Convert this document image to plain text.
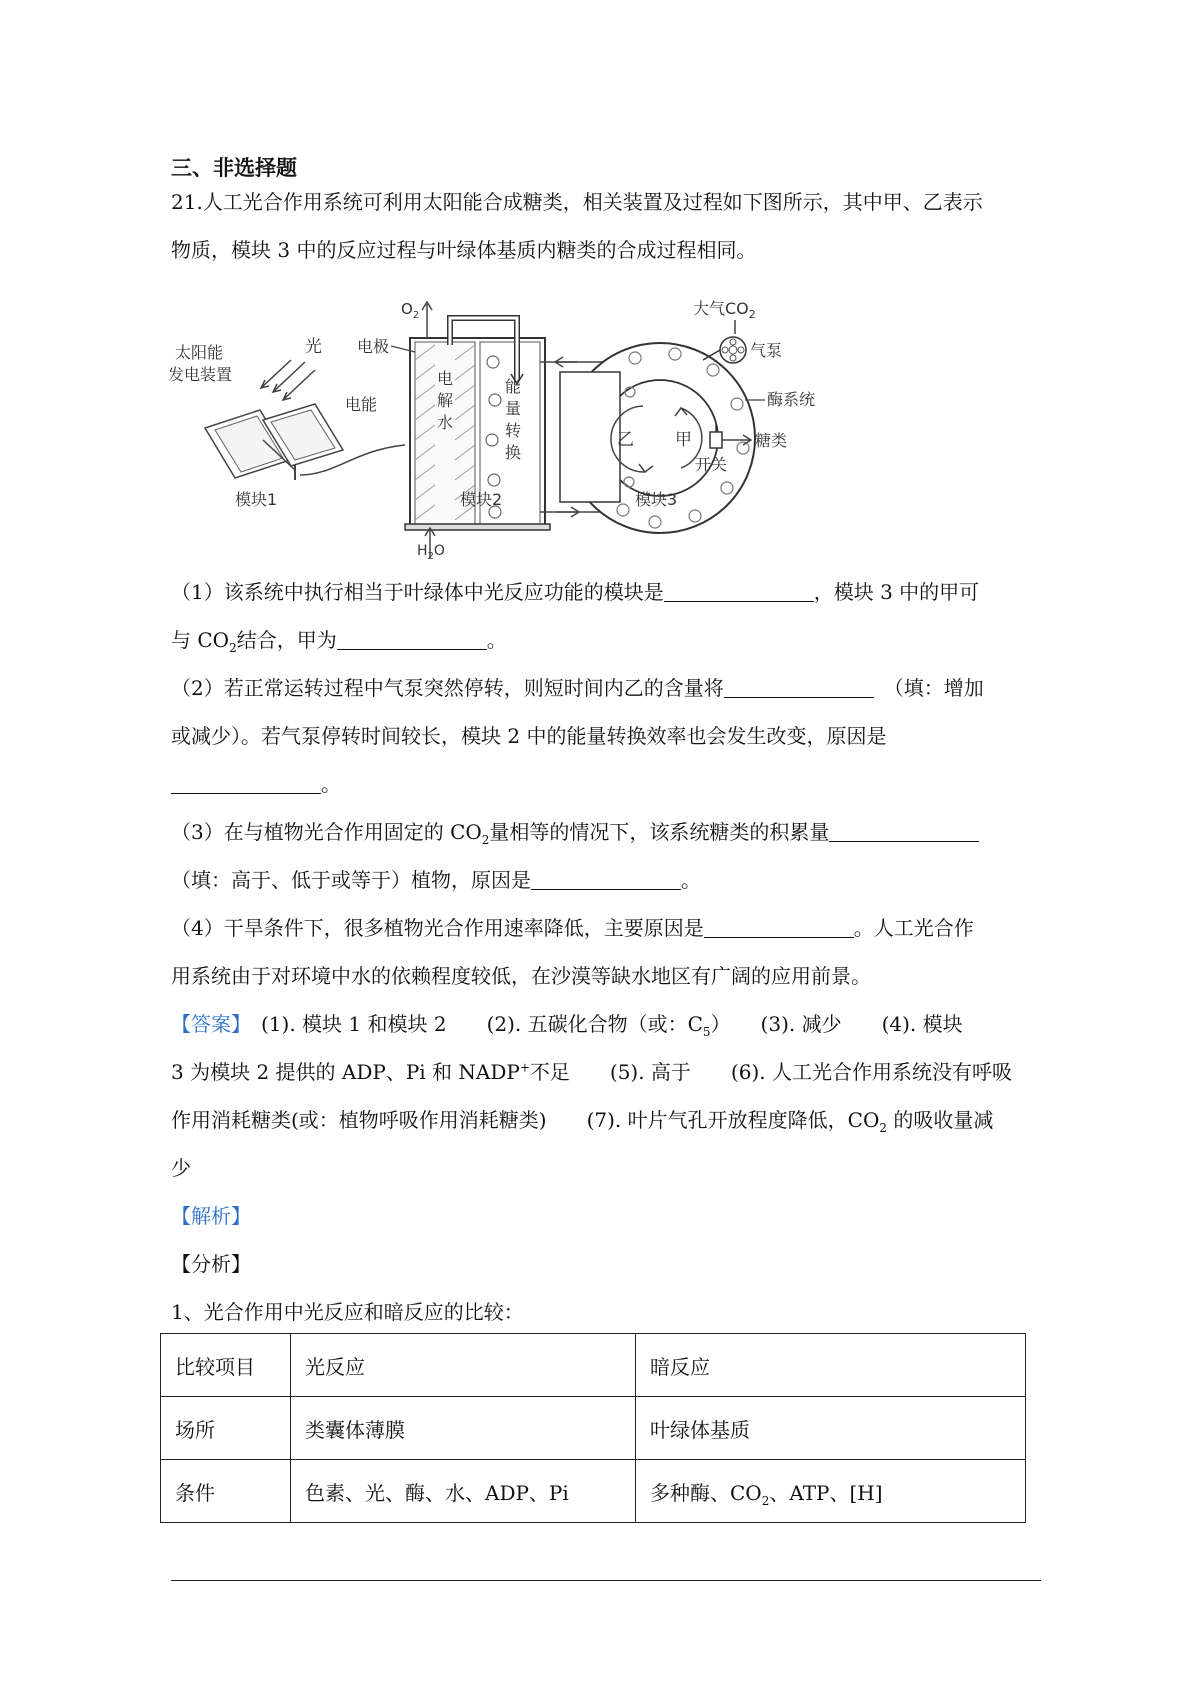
三、非选择题
21.人工光合作用系统可利用太阳能合成糖类，相关装置及过程如下图所示，其中甲、乙表示
物质，模块 3 中的反应过程与叶绿体基质内糖类的合成过程相同。
太阳能
发电装置
光
电能
电极
$O_2$
电
解
水
能
量
转
换
$H_2O$
乙 甲
大气$CO_2$
气泵
酶系统
糖类
开关
模块1	模块2	模块3
（1）该系统中执行相当于叶绿体中光反应功能的模块是	，模块 3 中的甲可
与 $CO_2$结合，甲为	。
（2）若正常运转过程中气泵突然停转，则短时间内乙的含量将　	（填：增加
或减少）。若气泵停转时间较长，模块 2 中的能量转换效率也会发生改变，原因是
。
（3）在与植物光合作用固定的 $CO_2$量相等的情况下，该系统糖类的积累量
（填：高于、低于或等于）植物，原因是	。
（4）干旱条件下，很多植物光合作用速率降低，主要原因是	。人工光合作
用系统由于对环境中水的依赖程度较低，在沙漠等缺水地区有广阔的应用前景。
【答案】　 (1). 模块 1 和模块 2　　(2). 五碳化合物（或：$C_5$）　　(3). 减少　　(4). 模块
3 为模块 2 提供的 ADP、Pi 和 NADP+不足　　(5). 高于　　(6). 人工光合作用系统没有呼吸
作用消耗糖类(或：植物呼吸作用消耗糖类)　　(7). 叶片气孔开放程度降低，$CO_2$ 的吸收量减
少
【解析】
【分析】
1、光合作用中光反应和暗反应的比较：
比较项目	光反应	暗反应
场所	类囊体薄膜	叶绿体基质
条件	色素、光、酶、水、ADP、Pi	多种酶、$CO_2$、ATP、[H]
